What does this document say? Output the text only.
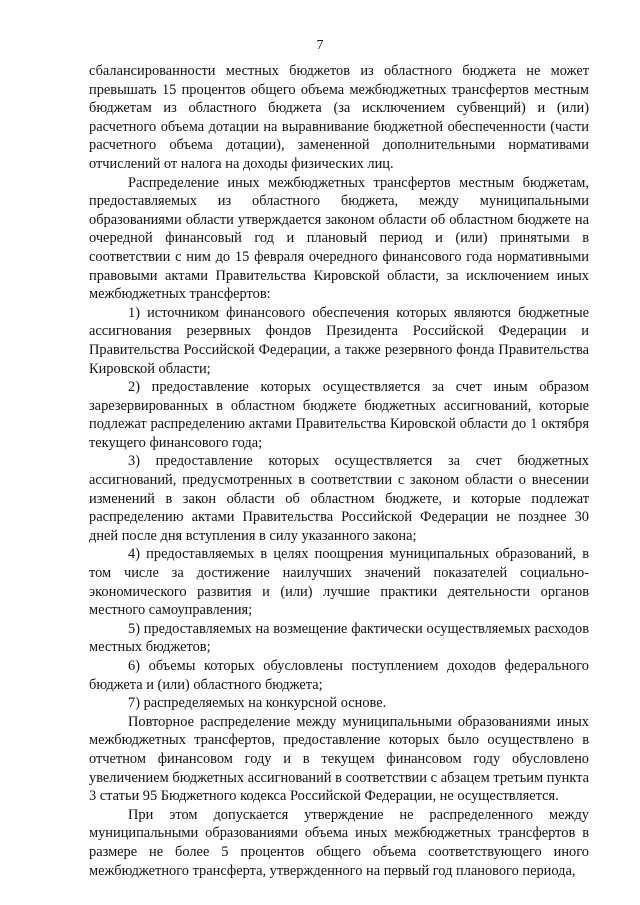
7

сбалансированности местных бюджетов из областного бюджета не может превышать 15 процентов общего объема межбюджетных трансфертов местным бюджетам из областного бюджета (за исключением субвенций) и (или) расчетного объема дотации на выравнивание бюджетной обеспеченности (части расчетного объема дотации), замененной дополнительными нормативами отчислений от налога на доходы физических лиц.

Распределение иных межбюджетных трансфертов местным бюджетам, предоставляемых из областного бюджета, между муниципальными образованиями области утверждается законом области об областном бюджете на очередной финансовый год и плановый период и (или) принятыми в соответствии с ним до 15 февраля очередного финансового года нормативными правовыми актами Правительства Кировской области, за исключением иных межбюджетных трансфертов:

1) источником финансового обеспечения которых являются бюджетные ассигнования резервных фондов Президента Российской Федерации и Правительства Российской Федерации, а также резервного фонда Правительства Кировской области;

2) предоставление которых осуществляется за счет иным образом зарезервированных в областном бюджете бюджетных ассигнований, которые подлежат распределению актами Правительства Кировской области до 1 октября текущего финансового года;

3) предоставление которых осуществляется за счет бюджетных ассигнований, предусмотренных в соответствии с законом области о внесении изменений в закон области об областном бюджете, и которые подлежат распределению актами Правительства Российской Федерации не позднее 30 дней после дня вступления в силу указанного закона;

4) предоставляемых в целях поощрения муниципальных образований, в том числе за достижение наилучших значений показателей социально-экономического развития и (или) лучшие практики деятельности органов местного самоуправления;

5) предоставляемых на возмещение фактически осуществляемых расходов местных бюджетов;

6) объемы которых обусловлены поступлением доходов федерального бюджета и (или) областного бюджета;

7) распределяемых на конкурсной основе.

Повторное распределение между муниципальными образованиями иных межбюджетных трансфертов, предоставление которых было осуществлено в отчетном финансовом году и в текущем финансовом году обусловлено увеличением бюджетных ассигнований в соответствии с абзацем третьим пункта 3 статьи 95 Бюджетного кодекса Российской Федерации, не осуществляется.

При этом допускается утверждение не распределенного между муниципальными образованиями объема иных межбюджетных трансфертов в размере не более 5 процентов общего объема соответствующего иного межбюджетного трансферта, утвержденного на первый год планового периода,
